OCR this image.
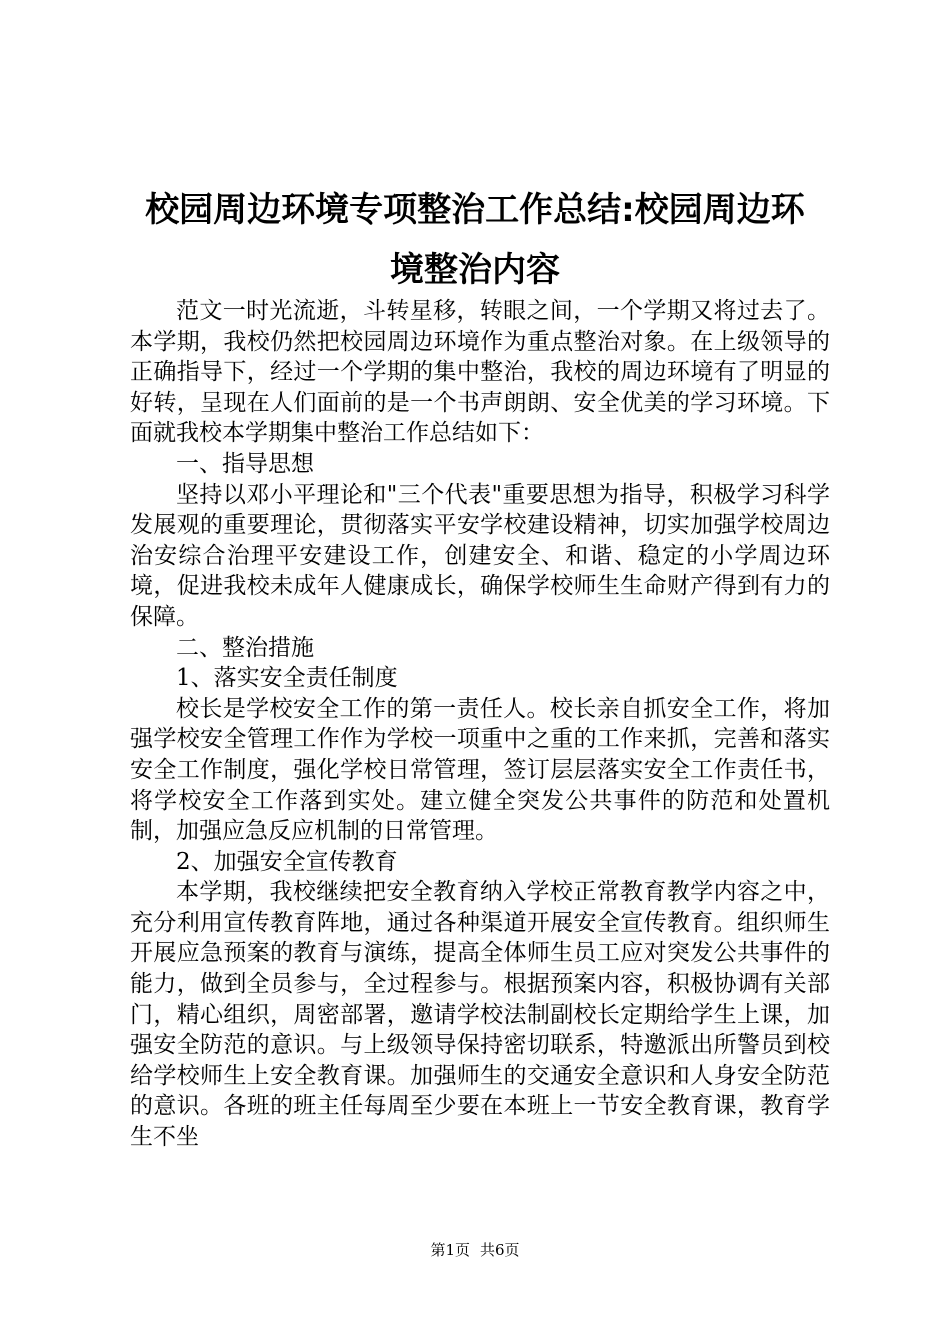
校园周边环境专项整治工作总结:校园周边环
境整治内容

范文一时光流逝，斗转星移，转眼之间，一个学期又将过去了。本学期，我校仍然把校园周边环境作为重点整治对象。在上级领导的正确指导下，经过一个学期的集中整治，我校的周边环境有了明显的好转，呈现在人们面前的是一个书声朗朗、安全优美的学习环境。下面就我校本学期集中整治工作总结如下：

一、指导思想

坚持以邓小平理论和"三个代表"重要思想为指导，积极学习科学发展观的重要理论，贯彻落实平安学校建设精神，切实加强学校周边治安综合治理平安建设工作，创建安全、和谐、稳定的小学周边环境，促进我校未成年人健康成长，确保学校师生生命财产得到有力的保障。

二、整治措施

1、落实安全责任制度

校长是学校安全工作的第一责任人。校长亲自抓安全工作，将加强学校安全管理工作作为学校一项重中之重的工作来抓，完善和落实安全工作制度，强化学校日常管理，签订层层落实安全工作责任书，将学校安全工作落到实处。建立健全突发公共事件的防范和处置机制，加强应急反应机制的日常管理。

2、加强安全宣传教育

本学期，我校继续把安全教育纳入学校正常教育教学内容之中，充分利用宣传教育阵地，通过各种渠道开展安全宣传教育。组织师生开展应急预案的教育与演练，提高全体师生员工应对突发公共事件的能力，做到全员参与，全过程参与。根据预案内容，积极协调有关部门，精心组织，周密部署，邀请学校法制副校长定期给学生上课，加强安全防范的意识。与上级领导保持密切联系，特邀派出所警员到校给学校师生上安全教育课。加强师生的交通安全意识和人身安全防范的意识。各班的班主任每周至少要在本班上一节安全教育课，教育学生不坐

第1页 共6页
